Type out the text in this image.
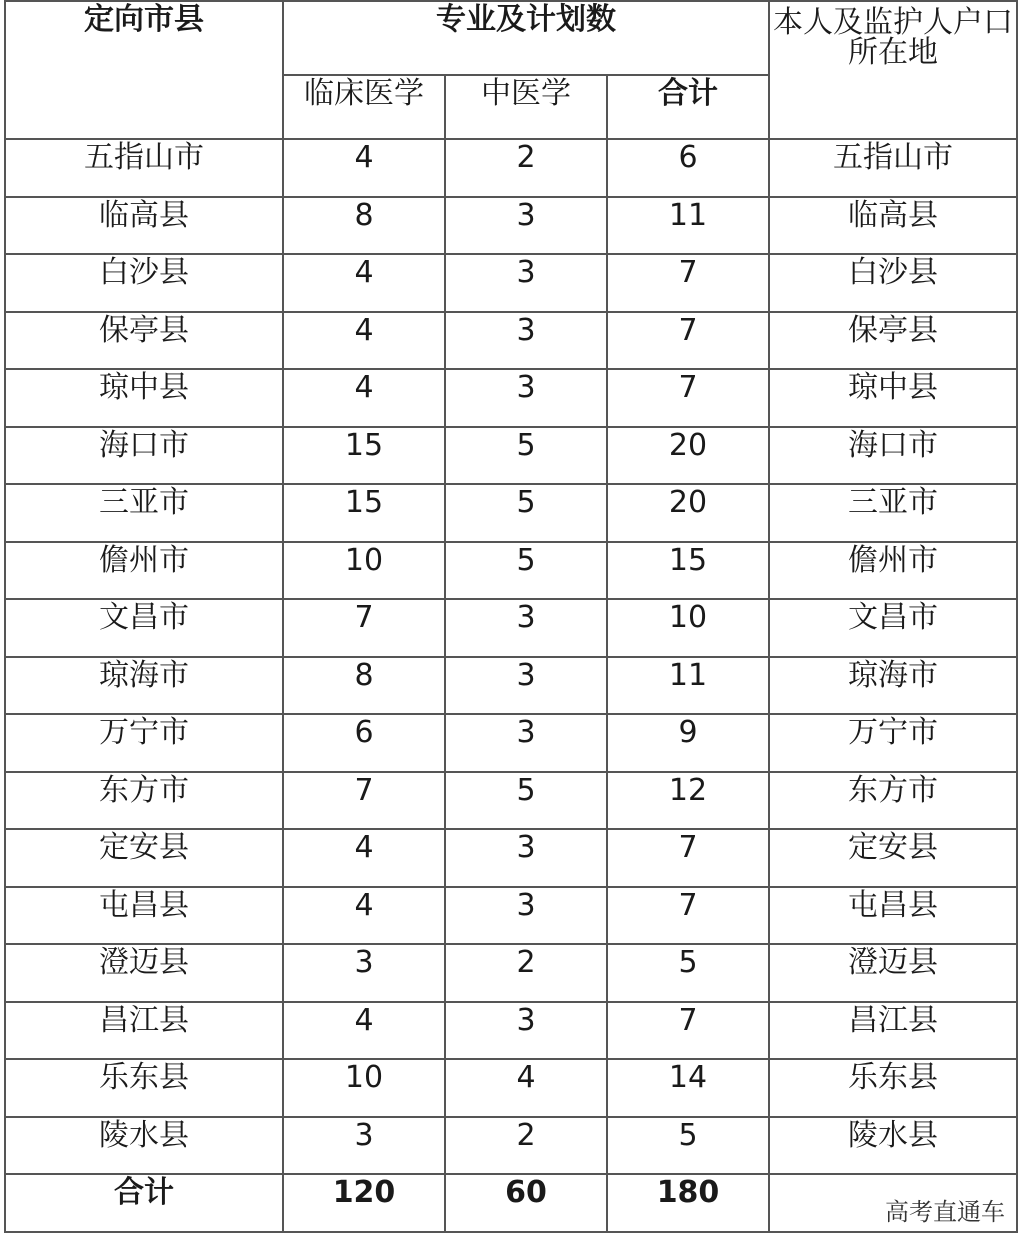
定向市县	专业及计划数			本人及监护人户口所在地
	临床医学	中医学	合计	
五指山市	4	2	6	五指山市
临高县	8	3	11	临高县
白沙县	4	3	7	白沙县
保亭县	4	3	7	保亭县
琼中县	4	3	7	琼中县
海口市	15	5	20	海口市
三亚市	15	5	20	三亚市
儋州市	10	5	15	儋州市
文昌市	7	3	10	文昌市
琼海市	8	3	11	琼海市
万宁市	6	3	9	万宁市
东方市	7	5	12	东方市
定安县	4	3	7	定安县
屯昌县	4	3	7	屯昌县
澄迈县	3	2	5	澄迈县
昌江县	4	3	7	昌江县
乐东县	10	4	14	乐东县
陵水县	3	2	5	陵水县
合计	120	60	180	
高考直通车
